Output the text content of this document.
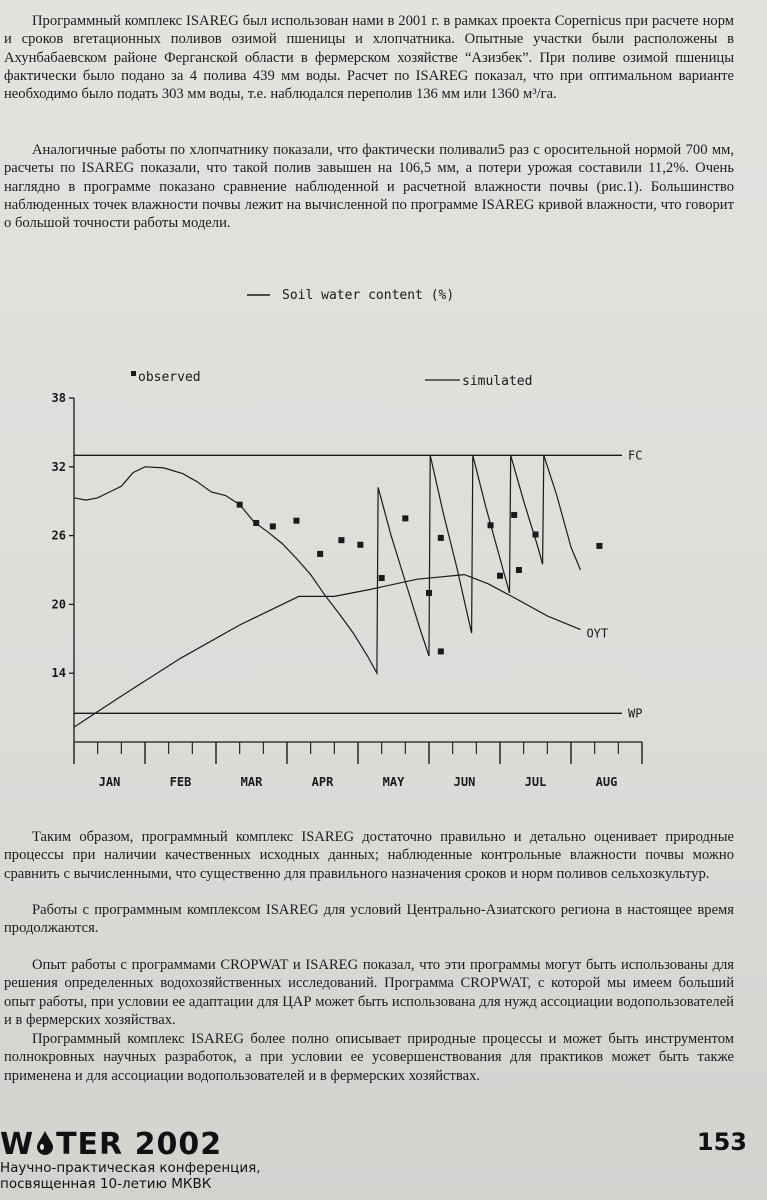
Программный комплекс ISAREG был использован нами в 2001 г. в рамках проекта Copernicus при расчете норм и сроков вгетационных поливов озимой пшеницы и хлопчатника. Опытные участки были расположены в Ахунбабаевском районе Ферганской области в фермерском хозяйстве “Азизбек”. При поливе озимой пшеницы фактически было подано за 4 полива 439 мм воды. Расчет по ISAREG показал, что при оптимальном варианте необходимо было подать 303 мм воды, т.е. наблюдался переполив 136 мм или 1360 м³/га.

Аналогичные работы по хлопчатнику показали, что фактически поливали5 раз с оросительной нормой 700 мм, расчеты по ISAREG показали, что такой полив завышен на 106,5 мм, а потери урожая составили 11,2%. Очень наглядно в программе показано сравнение наблюденной и расчетной влажности почвы (рис.1). Большинство наблюденных точек влажности почвы лежит на вычисленной по программе ISAREG кривой влажности, что говорит о большой точности работы модели.

Soil water content (%)
observed	simulated
38
32
26
20
14
JAN	FEB	MAR	APR	MAY	JUN	JUL	AUG
FC
WP
OYT

Таким образом, программный комплекс ISAREG достаточно правильно и детально оценивает природные процессы при наличии качественных исходных данных; наблюденные контрольные влажности почвы можно сравнить с вычисленными, что существенно для правильного назначения сроков и норм поливов сельхозкультур.

Работы с программным комплексом ISAREG для условий Центрально-Азиатского региона в настоящее время продолжаются.

Опыт работы с программами CROPWAT и ISAREG показал, что эти программы могут быть использованы для решения определенных водохозяйственных исследований. Программа CROPWAT, с которой мы имеем больший опыт работы, при условии ее адаптации для ЦАР может быть использована для нужд ассоциации водопользователей и в фермерских хозяйствах.

Программный комплекс ISAREG более полно описывает природные процессы и может быть инструментом полнокровных научных разработок, а при условии ее усовершенствования для практиков может быть также применена и для ассоциации водопользователей и в фермерских хозяйствах.

W TER 2002
Научно-практическая конференция,
посвященная 10-летию МКВК
153
